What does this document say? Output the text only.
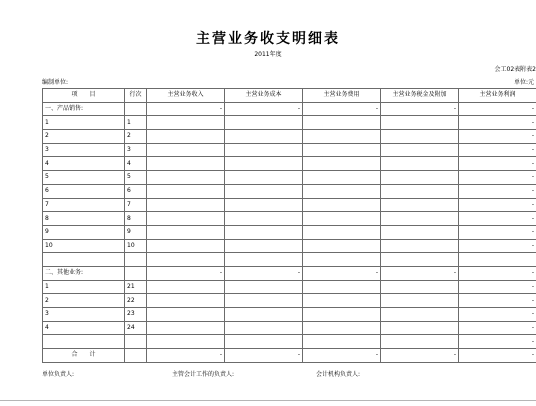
主营业务收支明细表
2011年度
会工02表附表2
编制单位:	单位:元
项　　目	行次	主营业务收入	主营业务成本	主营业务费用	主营业务税金及附加	主营业务利润
一、产品销售:		-	-	-	-	-
1	1					-
2	2					-
3	3					-
4	4					-
5	5					-
6	6					-
7	7					-
8	8					-
9	9					-
10	10					-

二、其他业务:		-	-	-	-	-
1	21					-
2	22					-
3	23					-
4	24					-
						-
合　　计		-	-	-	-	-
单位负责人:	主管会计工作的负责人:	会计机构负责人:
